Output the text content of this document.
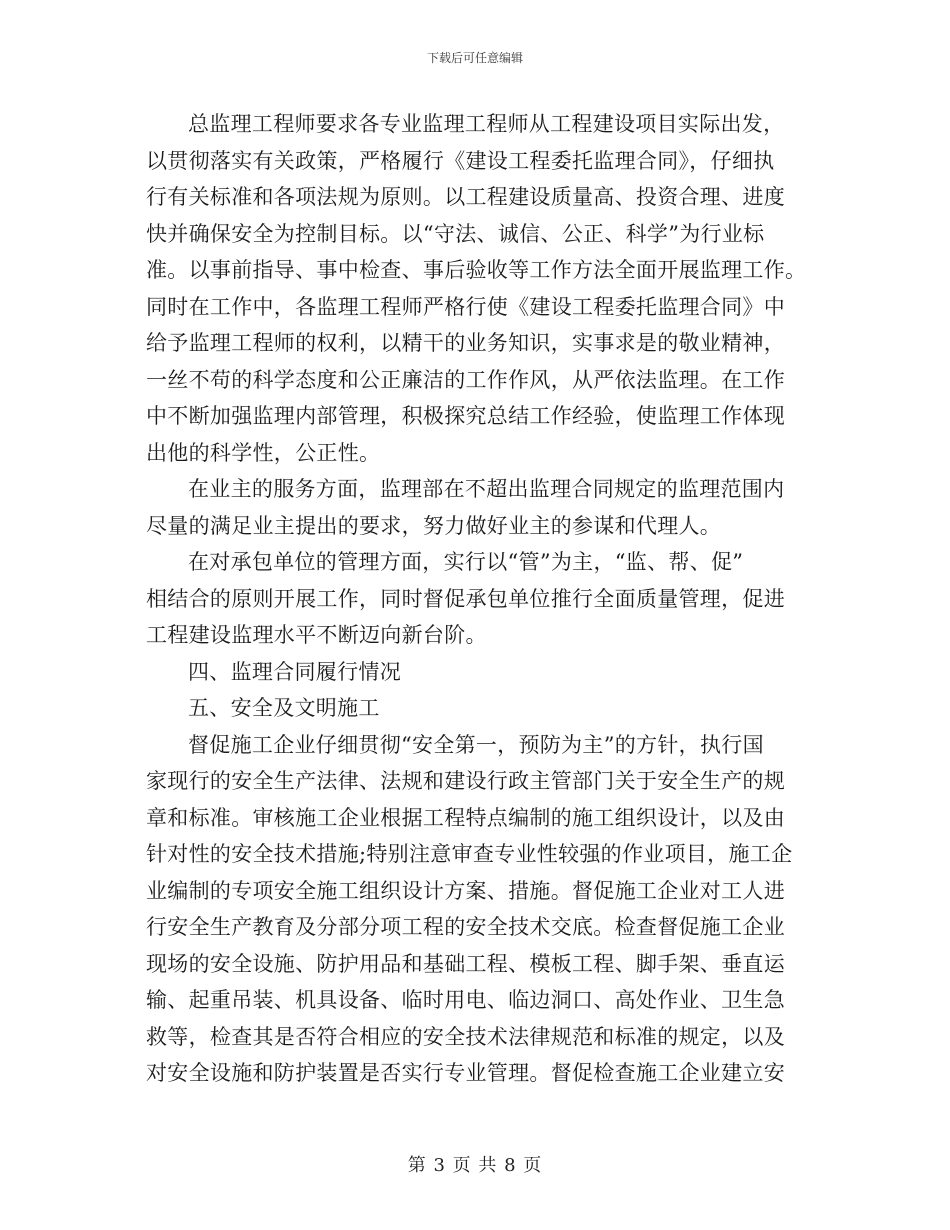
下载后可任意编辑
总监理工程师要求各专业监理工程师从工程建设项目实际出发，
以贯彻落实有关政策，严格履行《建设工程委托监理合同》，仔细执
行有关标准和各项法规为原则。以工程建设质量高、投资合理、进度
快并确保安全为控制目标。以“守法、诚信、公正、科学”为行业标
准。以事前指导、事中检查、事后验收等工作方法全面开展监理工作。
同时在工作中，各监理工程师严格行使《建设工程委托监理合同》中
给予监理工程师的权利，以精干的业务知识，实事求是的敬业精神，
一丝不苟的科学态度和公正廉洁的工作作风，从严依法监理。在工作
中不断加强监理内部管理，积极探究总结工作经验，使监理工作体现
出他的科学性，公正性。
在业主的服务方面，监理部在不超出监理合同规定的监理范围内
尽量的满足业主提出的要求，努力做好业主的参谋和代理人。
在对承包单位的管理方面，实行以“管”为主，“监、帮、促”
相结合的原则开展工作，同时督促承包单位推行全面质量管理，促进
工程建设监理水平不断迈向新台阶。
四、监理合同履行情况
五、安全及文明施工
督促施工企业仔细贯彻“安全第一，预防为主”的方针，执行国
家现行的安全生产法律、法规和建设行政主管部门关于安全生产的规
章和标准。审核施工企业根据工程特点编制的施工组织设计，以及由
针对性的安全技术措施;特别注意审查专业性较强的作业项目，施工企
业编制的专项安全施工组织设计方案、措施。督促施工企业对工人进
行安全生产教育及分部分项工程的安全技术交底。检查督促施工企业
现场的安全设施、防护用品和基础工程、模板工程、脚手架、垂直运
输、起重吊装、机具设备、临时用电、临边洞口、高处作业、卫生急
救等，检查其是否符合相应的安全技术法律规范和标准的规定，以及
对安全设施和防护装置是否实行专业管理。督促检查施工企业建立安
第 3 页 共 8 页
